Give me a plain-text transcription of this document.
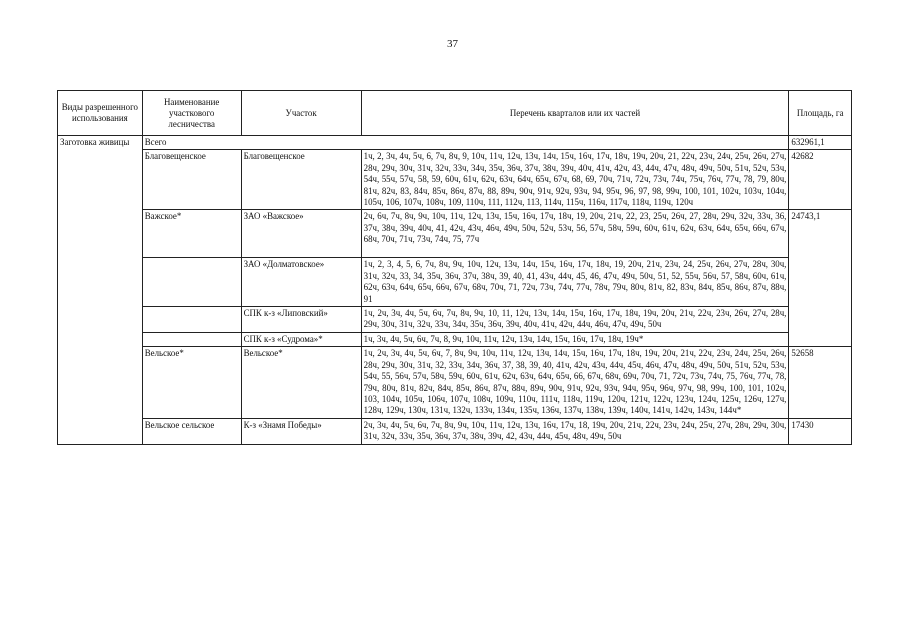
37
Виды разрешенного использования	Наименование участкового лесничества	Участок	Перечень кварталов или их частей	Площадь, га
Заготовка живицы	Всего			632961,1
	Благовещенское	Благовещенское	1ч, 2, 3ч, 4ч, 5ч, 6, 7ч, 8ч, 9, 10ч, 11ч, 12ч, 13ч, 14ч, 15ч, 16ч, 17ч, 18ч, 19ч, 20ч, 21, 22ч, 23ч, 24ч, 25ч, 26ч, 27ч, 28ч, 29ч, 30ч, 31ч, 32ч, 33ч, 34ч, 35ч, 36ч, 37ч, 38ч, 39ч, 40ч, 41ч, 42ч, 43, 44ч, 47ч, 48ч, 49ч, 50ч, 51ч, 52ч, 53ч, 54ч, 55ч, 57ч, 58, 59, 60ч, 61ч, 62ч, 63ч, 64ч, 65ч, 67ч, 68, 69, 70ч, 71ч, 72ч, 73ч, 74ч, 75ч, 76ч, 77ч, 78, 79, 80ч, 81ч, 82ч, 83, 84ч, 85ч, 86ч, 87ч, 88, 89ч, 90ч, 91ч, 92ч, 93ч, 94, 95ч, 96, 97, 98, 99ч, 100, 101, 102ч, 103ч, 104ч, 105ч, 106, 107ч, 108ч, 109, 110ч, 111, 112ч, 113, 114ч, 115ч, 116ч, 117ч, 118ч, 119ч, 120ч	42682
	Важское*	ЗАО «Важское»	2ч, 6ч, 7ч, 8ч, 9ч, 10ч, 11ч, 12ч, 13ч, 15ч, 16ч, 17ч, 18ч, 19, 20ч, 21ч, 22, 23, 25ч, 26ч, 27, 28ч, 29ч, 32ч, 33ч, 36, 37ч, 38ч, 39ч, 40ч, 41, 42ч, 43ч, 46ч, 49ч, 50ч, 52ч, 53ч, 56, 57ч, 58ч, 59ч, 60ч, 61ч, 62ч, 63ч, 64ч, 65ч, 66ч, 67ч, 68ч, 70ч, 71ч, 73ч, 74ч, 75, 77ч	24743,1
		ЗАО «Долматовское»	1ч, 2, 3, 4, 5, 6, 7ч, 8ч, 9ч, 10ч, 12ч, 13ч, 14ч, 15ч, 16ч, 17ч, 18ч, 19, 20ч, 21ч, 23ч, 24, 25ч, 26ч, 27ч, 28ч, 30ч, 31ч, 32ч, 33, 34, 35ч, 36ч, 37ч, 38ч, 39, 40, 41, 43ч, 44ч, 45, 46, 47ч, 49ч, 50ч, 51, 52, 55ч, 56ч, 57, 58ч, 60ч, 61ч, 62ч, 63ч, 64ч, 65ч, 66ч, 67ч, 68ч, 70ч, 71, 72ч, 73ч, 74ч, 77ч, 78ч, 79ч, 80ч, 81ч, 82, 83ч, 84ч, 85ч, 86ч, 87ч, 88ч, 91	
		СПК к-з «Липовский»	1ч, 2ч, 3ч, 4ч, 5ч, 6ч, 7ч, 8ч, 9ч, 10, 11, 12ч, 13ч, 14ч, 15ч, 16ч, 17ч, 18ч, 19ч, 20ч, 21ч, 22ч, 23ч, 26ч, 27ч, 28ч, 29ч, 30ч, 31ч, 32ч, 33ч, 34ч, 35ч, 36ч, 39ч, 40ч, 41ч, 42ч, 44ч, 46ч, 47ч, 49ч, 50ч	
		СПК к-з «Судрома»*	1ч, 3ч, 4ч, 5ч, 6ч, 7ч, 8, 9ч, 10ч, 11ч, 12ч, 13ч, 14ч, 15ч, 16ч, 17ч, 18ч, 19ч*	
	Вельское*	Вельское*	1ч, 2ч, 3ч, 4ч, 5ч, 6ч, 7, 8ч, 9ч, 10ч, 11ч, 12ч, 13ч, 14ч, 15ч, 16ч, 17ч, 18ч, 19ч, 20ч, 21ч, 22ч, 23ч, 24ч, 25ч, 26ч, 28ч, 29ч, 30ч, 31ч, 32, 33ч, 34ч, 36ч, 37, 38, 39, 40, 41ч, 42ч, 43ч, 44ч, 45ч, 46ч, 47ч, 48ч, 49ч, 50ч, 51ч, 52ч, 53ч, 54ч, 55, 56ч, 57ч, 58ч, 59ч, 60ч, 61ч, 62ч, 63ч, 64ч, 65ч, 66, 67ч, 68ч, 69ч, 70ч, 71, 72ч, 73ч, 74ч, 75, 76ч, 77ч, 78, 79ч, 80ч, 81ч, 82ч, 84ч, 85ч, 86ч, 87ч, 88ч, 89ч, 90ч, 91ч, 92ч, 93ч, 94ч, 95ч, 96ч, 97ч, 98, 99ч, 100, 101, 102ч, 103, 104ч, 105ч, 106ч, 107ч, 108ч, 109ч, 110ч, 111ч, 118ч, 119ч, 120ч, 121ч, 122ч, 123ч, 124ч, 125ч, 126ч, 127ч, 128ч, 129ч, 130ч, 131ч, 132ч, 133ч, 134ч, 135ч, 136ч, 137ч, 138ч, 139ч, 140ч, 141ч, 142ч, 143ч, 144ч*	52658
	Вельское сельское	К-з «Знамя Победы»	2ч, 3ч, 4ч, 5ч, 6ч, 7ч, 8ч, 9ч, 10ч, 11ч, 12ч, 13ч, 16ч, 17ч, 18, 19ч, 20ч, 21ч, 22ч, 23ч, 24ч, 25ч, 27ч, 28ч, 29ч, 30ч, 31ч, 32ч, 33ч, 35ч, 36ч, 37ч, 38ч, 39ч, 42, 43ч, 44ч, 45ч, 48ч, 49ч, 50ч	17430
